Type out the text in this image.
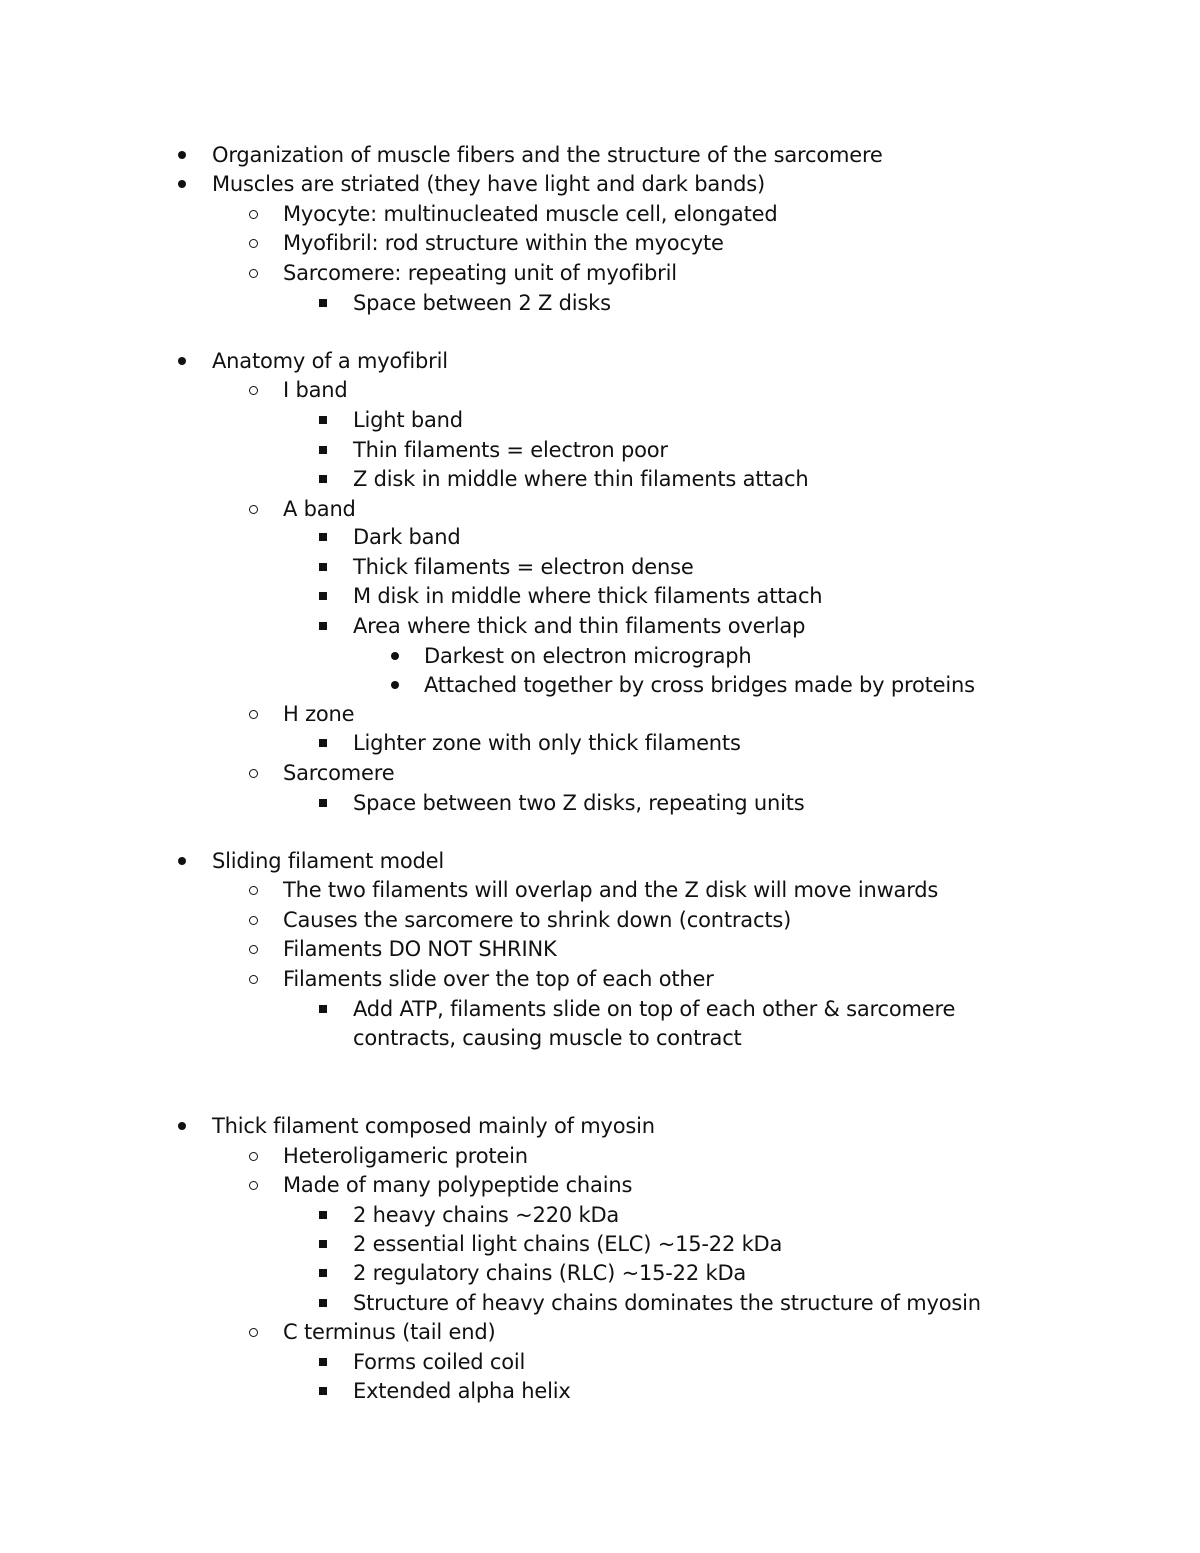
Organization of muscle fibers and the structure of the sarcomere
Muscles are striated (they have light and dark bands)
Myocyte: multinucleated muscle cell, elongated
Myofibril: rod structure within the myocyte
Sarcomere: repeating unit of myofibril
Space between 2 Z disks
Anatomy of a myofibril
I band
Light band
Thin filaments = electron poor
Z disk in middle where thin filaments attach
A band
Dark band
Thick filaments = electron dense
M disk in middle where thick filaments attach
Area where thick and thin filaments overlap
Darkest on electron micrograph
Attached together by cross bridges made by proteins
H zone
Lighter zone with only thick filaments
Sarcomere
Space between two Z disks, repeating units
Sliding filament model
The two filaments will overlap and the Z disk will move inwards
Causes the sarcomere to shrink down (contracts)
Filaments DO NOT SHRINK
Filaments slide over the top of each other
Add ATP, filaments slide on top of each other & sarcomere
contracts, causing muscle to contract
Thick filament composed mainly of myosin
Heteroligameric protein
Made of many polypeptide chains
2 heavy chains ~220 kDa
2 essential light chains (ELC) ~15-22 kDa
2 regulatory chains (RLC) ~15-22 kDa
Structure of heavy chains dominates the structure of myosin
C terminus (tail end)
Forms coiled coil
Extended alpha helix
